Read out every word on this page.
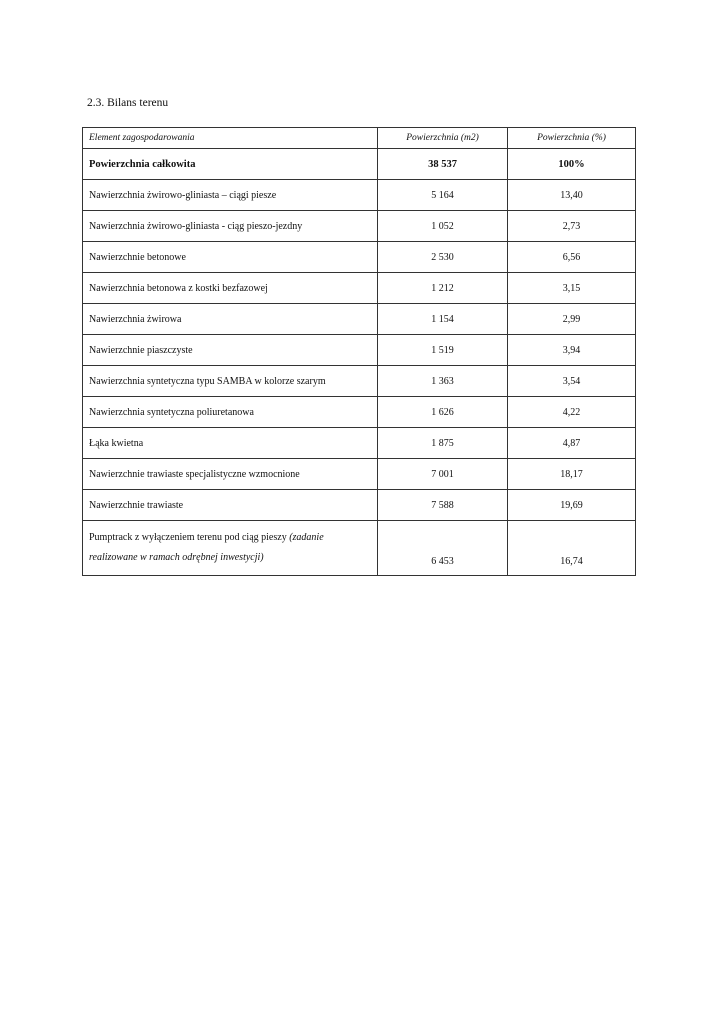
2.3. Bilans terenu
Element zagospodarowania	Powierzchnia (m2)	Powierzchnia (%)
Powierzchnia całkowita	38 537	100%
Nawierzchnia żwirowo-gliniasta – ciągi piesze	5 164	13,40
Nawierzchnia żwirowo-gliniasta - ciąg pieszo-jezdny	1 052	2,73
Nawierzchnie betonowe	2 530	6,56
Nawierzchnia betonowa z kostki bezfazowej	1 212	3,15
Nawierzchnia żwirowa	1 154	2,99
Nawierzchnie piaszczyste	1 519	3,94
Nawierzchnia syntetyczna typu SAMBA w kolorze szarym	1 363	3,54
Nawierzchnia syntetyczna poliuretanowa	1 626	4,22
Łąka kwietna	1 875	4,87
Nawierzchnie trawiaste specjalistyczne wzmocnione	7 001	18,17
Nawierzchnie trawiaste	7 588	19,69
Pumptrack z wyłączeniem terenu pod ciąg pieszy (zadanie realizowane w ramach odrębnej inwestycji)	6 453	16,74
